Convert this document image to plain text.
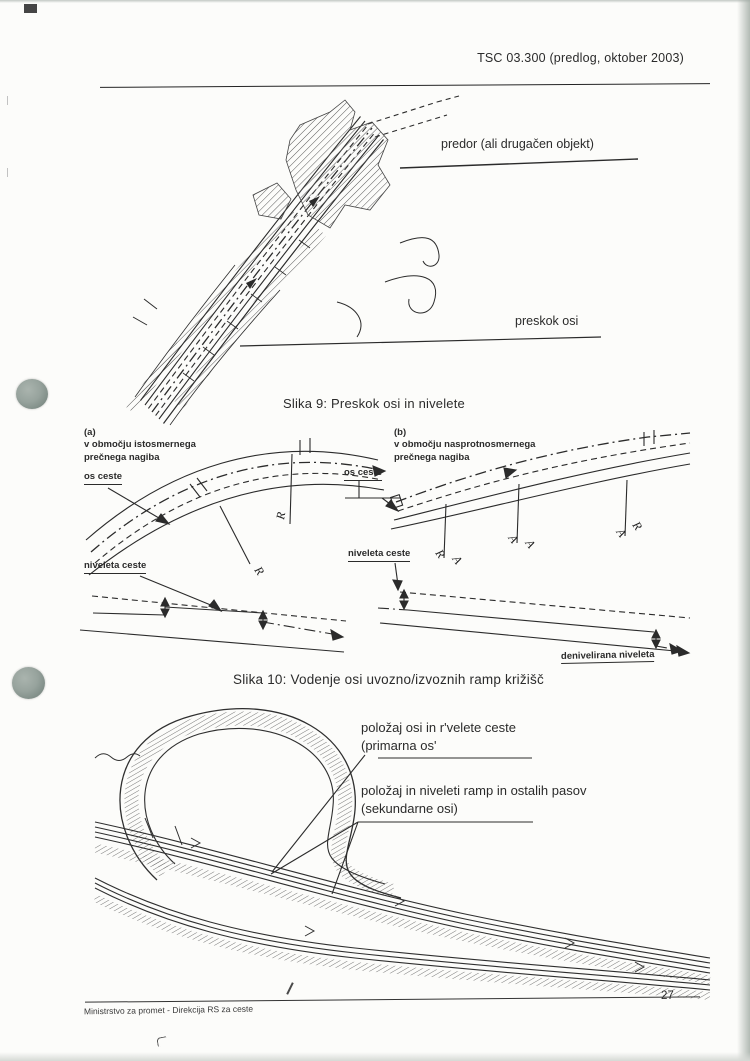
TSC 03.300 (predlog, oktober 2003)
predor (ali drugačen objekt)
preskok osi
Slika 9: Preskok osi in nivelete
R
R
R A
A A
A R
(a)
v območju istosmernega
prečnega nagiba
(b)
v območju nasprotnosmernega
prečnega nagiba
os ceste	os ceste
niveleta ceste
niveleta ceste
denivelirana niveleta
Slika 10: Vodenje osi uvozno/izvoznih ramp križišč
položaj osi in r'velete ceste
(primarna os'
položaj in niveleti ramp in ostalih pasov
(sekundarne osi)
Ministrstvo za promet - Direkcija RS za ceste
27
